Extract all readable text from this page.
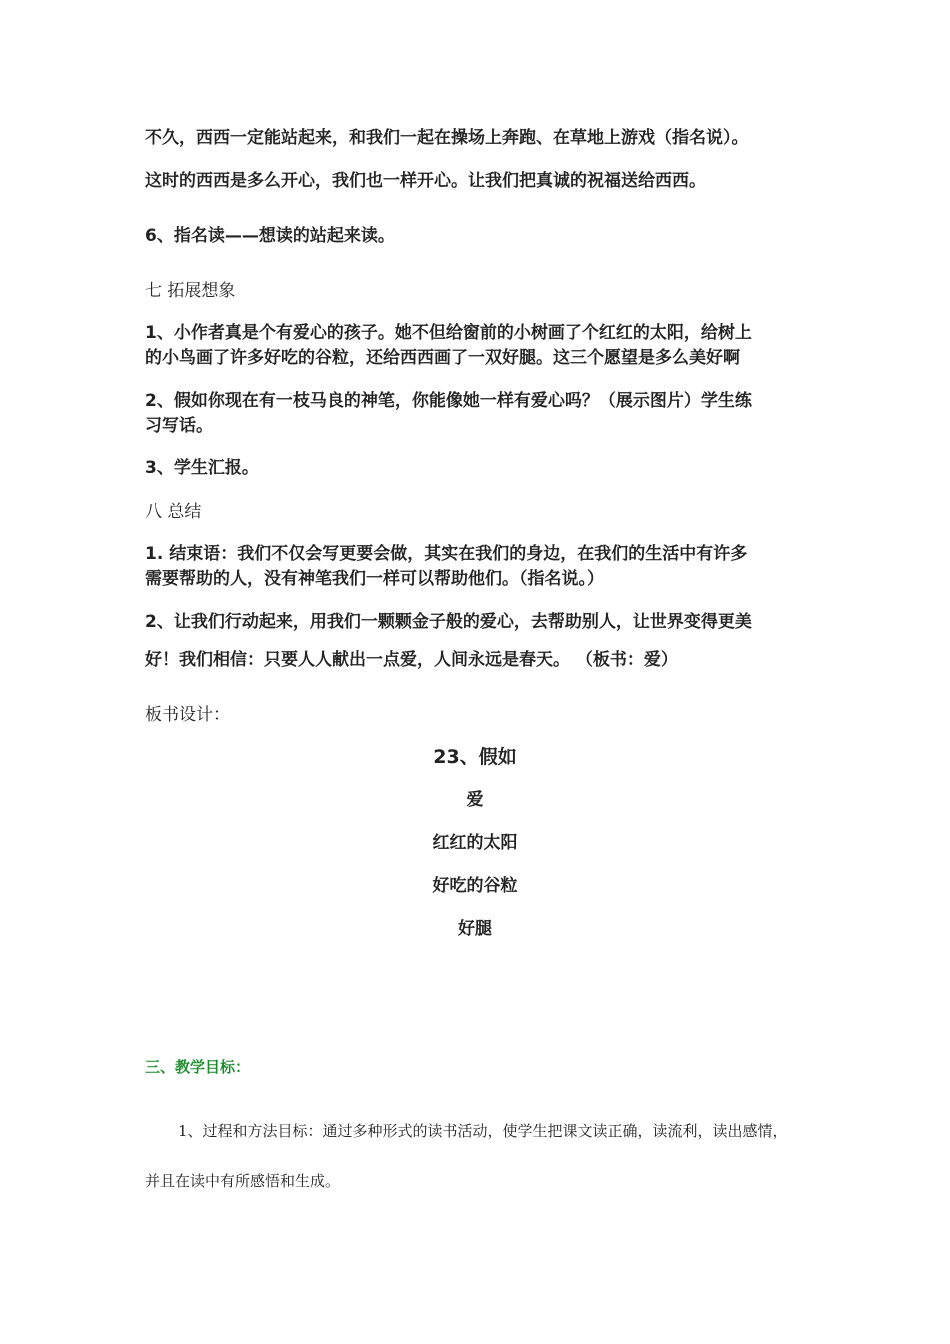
不久，西西一定能站起来，和我们一起在操场上奔跑、在草地上游戏（指名说）。
这时的西西是多么开心，我们也一样开心。让我们把真诚的祝福送给西西。
6、指名读——想读的站起来读。
七 拓展想象
1、小作者真是个有爱心的孩子。她不但给窗前的小树画了个红红的太阳，给树上
的小鸟画了许多好吃的谷粒，还给西西画了一双好腿。这三个愿望是多么美好啊
2、假如你现在有一枝马良的神笔，你能像她一样有爱心吗？（展示图片）学生练
习写话。
3、学生汇报。
八 总结
1. 结束语：我们不仅会写更要会做，其实在我们的身边，在我们的生活中有许多
需要帮助的人，没有神笔我们一样可以帮助他们。（指名说。）
2、让我们行动起来，用我们一颗颗金子般的爱心，去帮助别人，让世界变得更美
好！我们相信：只要人人献出一点爱，人间永远是春天。 （板书：爱）
板书设计：
23、假如
爱
红红的太阳
好吃的谷粒
好腿
三、教学目标：
1、过程和方法目标：通过多种形式的读书活动，使学生把课文读正确，读流利，读出感情，
并且在读中有所感悟和生成。
